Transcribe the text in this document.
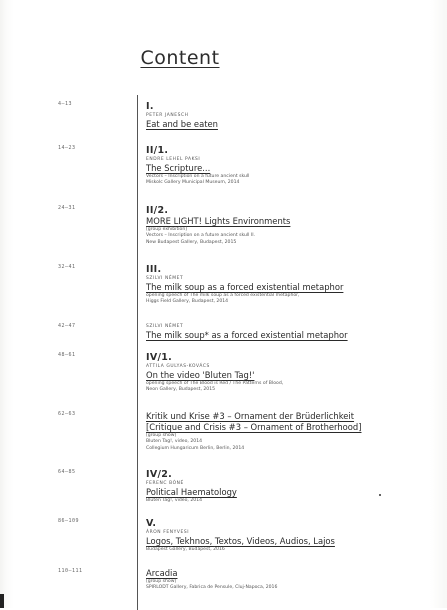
Content
4–13	I.
PETER JANESCH
Eat and be eaten
14–23	II/1.
ENDRE LEHEL PAKSI
The Scripture...
Vectors – Inscription on a future ancient skull
Miskolc Gallery Municipal Museum, 2014
24–31	II/2.
MORE LIGHT! Lights Environments
[group exhibition]
Vectors – Inscription on a future ancient skull II.
New Budapest Gallery, Budapest, 2015
32–41	III.
SZILVI NÉMET
The milk soup as a forced existential metaphor
opening speech of The milk soup as a forced existential metaphor,
Higgs Field Gallery, Budapest, 2014
42–47	SZILVI NÉMET
The milk soup* as a forced existential metaphor
48–61	IV/1.
ATTILA GULYAS-KOVÁCS
On the video 'Bluten Tag!'
opening speech of The Blood is Red / The Patterns of Blood,
Neon Gallery, Budapest, 2015
62–63	Kritik und Krise #3 – Ornament der Brüderlichkeit
[Critique and Crisis #3 – Ornament of Brotherhood]
[group show]
Bluten Tag!, video, 2014
Collegium Hungaricum Berlin, Berlin, 2014
64–85	IV/2.
FERENC BÓNÉ
Political Haematology
Bluten Tag!, video, 2014
86–109	V.
ÁRON FENYVESI
Logos, Tekhnos, Textos, Videos, Audios, Lajos
Budapest Gallery, Budapest, 2016
110–111	Arcadia
[group show]
SPIRLODT Gallery, Fabrica de Pensule, Cluj-Napoca, 2016
